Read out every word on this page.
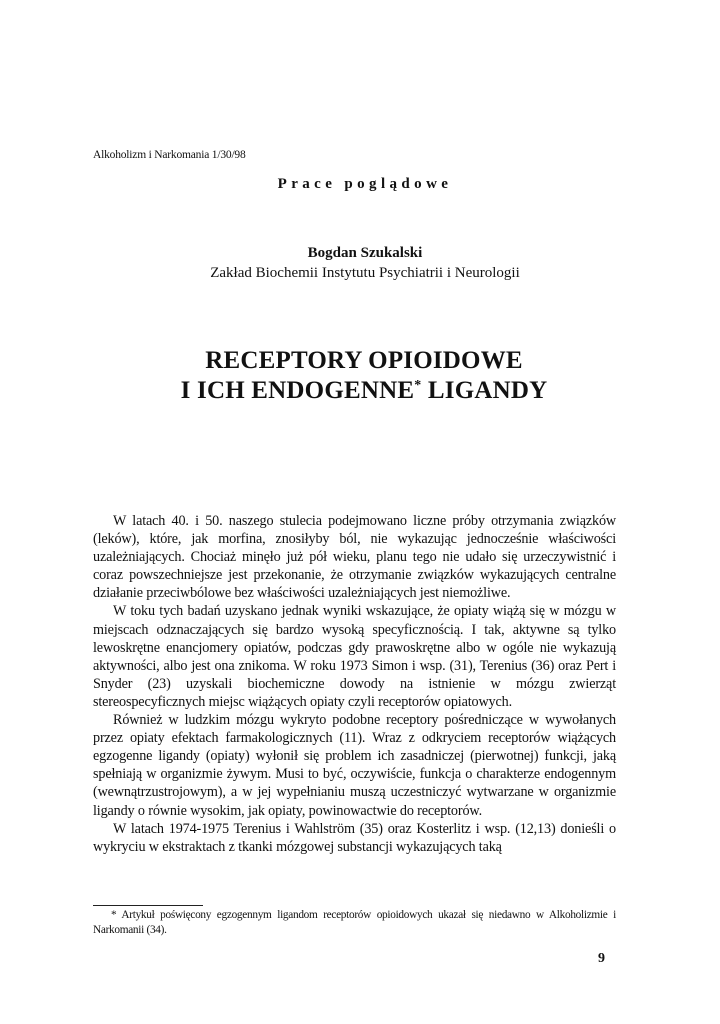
Alkoholizm i Narkomania 1/30/98
Prace poglądowe
Bogdan Szukalski
Zakład Biochemii Instytutu Psychiatrii i Neurologii
RECEPTORY OPIOIDOWE
I ICH ENDOGENNE* LIGANDY

W latach 40. i 50. naszego stulecia podejmowano liczne próby otrzymania związków (leków), które, jak morfina, znosiłyby ból, nie wykazując jednocześnie właściwości uzależniających. Chociaż minęło już pół wieku, planu tego nie udało się urzeczywistnić i coraz powszechniejsze jest przekonanie, że otrzymanie związków wykazujących centralne działanie przeciwbólowe bez właściwości uzależniających jest niemożliwe.

W toku tych badań uzyskano jednak wyniki wskazujące, że opiaty wiążą się w mózgu w miejscach odznaczających się bardzo wysoką specyficznością. I tak, aktywne są tylko lewoskrętne enancjomery opiatów, podczas gdy prawoskrętne albo w ogóle nie wykazują aktywności, albo jest ona znikoma. W roku 1973 Simon i wsp. (31), Terenius (36) oraz Pert i Snyder (23) uzyskali biochemiczne dowody na istnienie w mózgu zwierząt stereospecyficznych miejsc wiążących opiaty czyli receptorów opiatowych.

Również w ludzkim mózgu wykryto podobne receptory pośredniczące w wywołanych przez opiaty efektach farmakologicznych (11). Wraz z odkryciem receptorów wiążących egzogenne ligandy (opiaty) wyłonił się problem ich zasadniczej (pierwotnej) funkcji, jaką spełniają w organizmie żywym. Musi to być, oczywiście, funkcja o charakterze endogennym (wewnątrzustrojowym), a w jej wypełnianiu muszą uczestniczyć wytwarzane w organizmie ligandy o równie wysokim, jak opiaty, powinowactwie do receptorów.

W latach 1974-1975 Terenius i Wahlström (35) oraz Kosterlitz i wsp. (12,13) donieśli o wykryciu w ekstraktach z tkanki mózgowej substancji wykazujących taką

* Artykuł poświęcony egzogennym ligandom receptorów opioidowych ukazał się niedawno w Alkoholizmie i Narkomanii (34).
9
